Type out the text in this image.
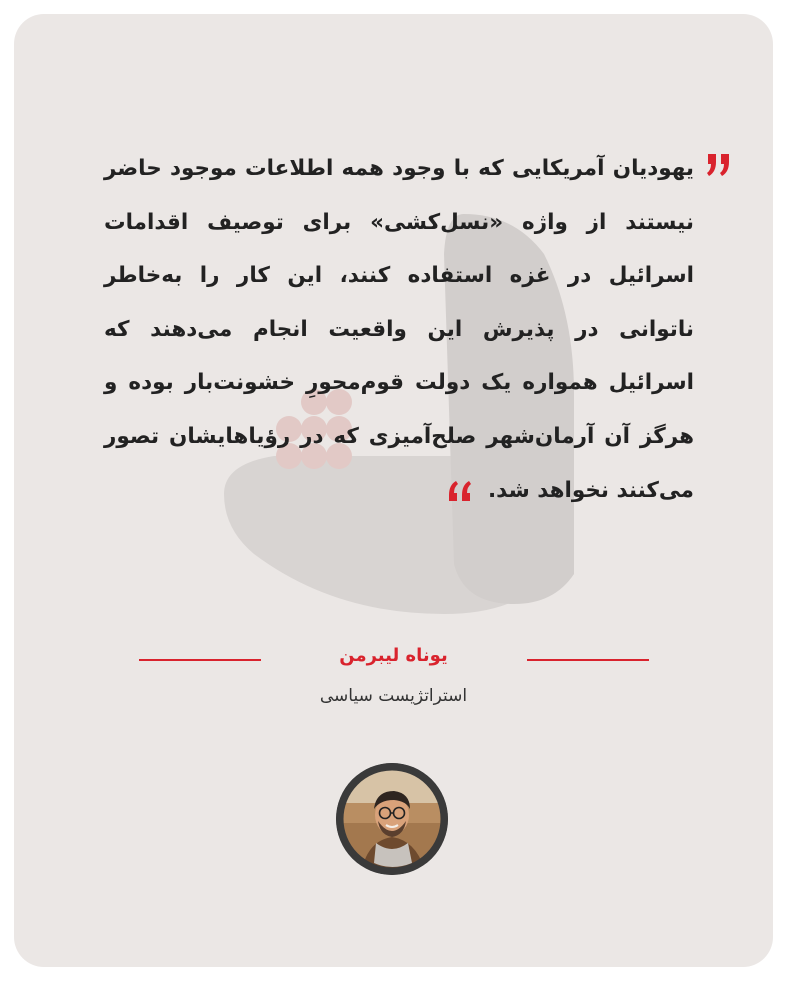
یهودیان آمریکایی که با وجود همه اطلاعات موجود حاضر نیستند از واژه «نسل‌کشی» برای توصیف اقدامات اسرائیل در غزه استفاده کنند، این کار را به‌خاطر ناتوانی در پذیرش این واقعیت انجام می‌دهند که اسرائیل همواره یک دولت قوم‌محورِ خشونت‌بار بوده و هرگز آن آرمان‌شهر صلح‌آمیزی که در رؤیاهایشان تصور می‌کنند نخواهد شد.

یوناه لیبرمن
استراتژیست سیاسی
